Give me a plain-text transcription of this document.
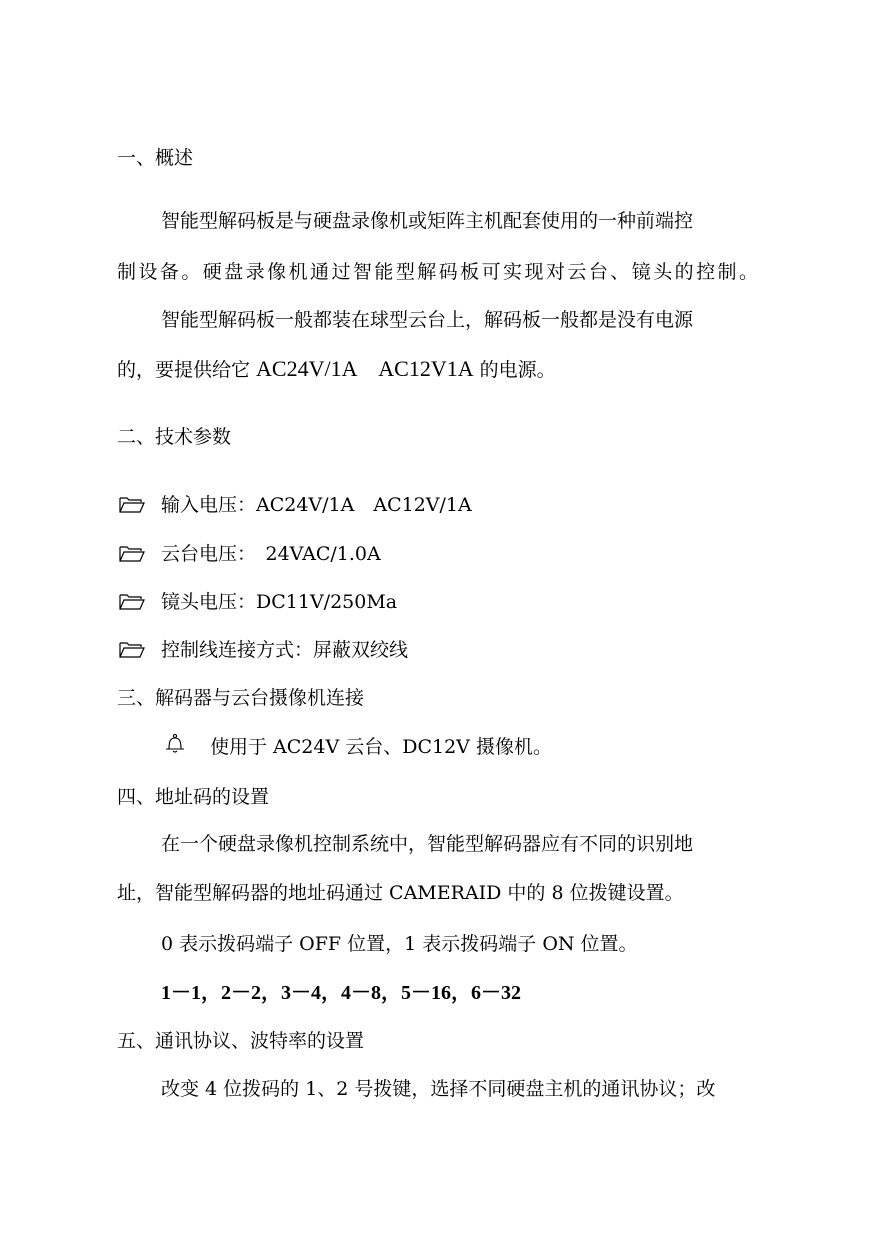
一、概述
智能型解码板是与硬盘录像机或矩阵主机配套使用的一种前端控
制设备。硬盘录像机通过智能型解码板可实现对云台、镜头的控制。
智能型解码板一般都装在球型云台上，解码板一般都是没有电源
的，要提供给它 AC24V/1A　AC12V1A 的电源。
二、技术参数
输入电压：AC24V/1A　AC12V/1A
云台电压：　24VAC/1.0A
镜头电压：DC11V/250Ma
控制线连接方式：屏蔽双绞线
三、解码器与云台摄像机连接
使用于 AC24V 云台、DC12V 摄像机。
四、地址码的设置
在一个硬盘录像机控制系统中，智能型解码器应有不同的识别地
址，智能型解码器的地址码通过 CAMERAID 中的 8 位拨键设置。
0 表示拨码端子 OFF 位置，1 表示拨码端子 ON 位置。
1－1，2－2，3－4，4－8，5－16，6－32
五、通讯协议、波特率的设置
改变 4 位拨码的 1、2 号拨键，选择不同硬盘主机的通讯协议；改
